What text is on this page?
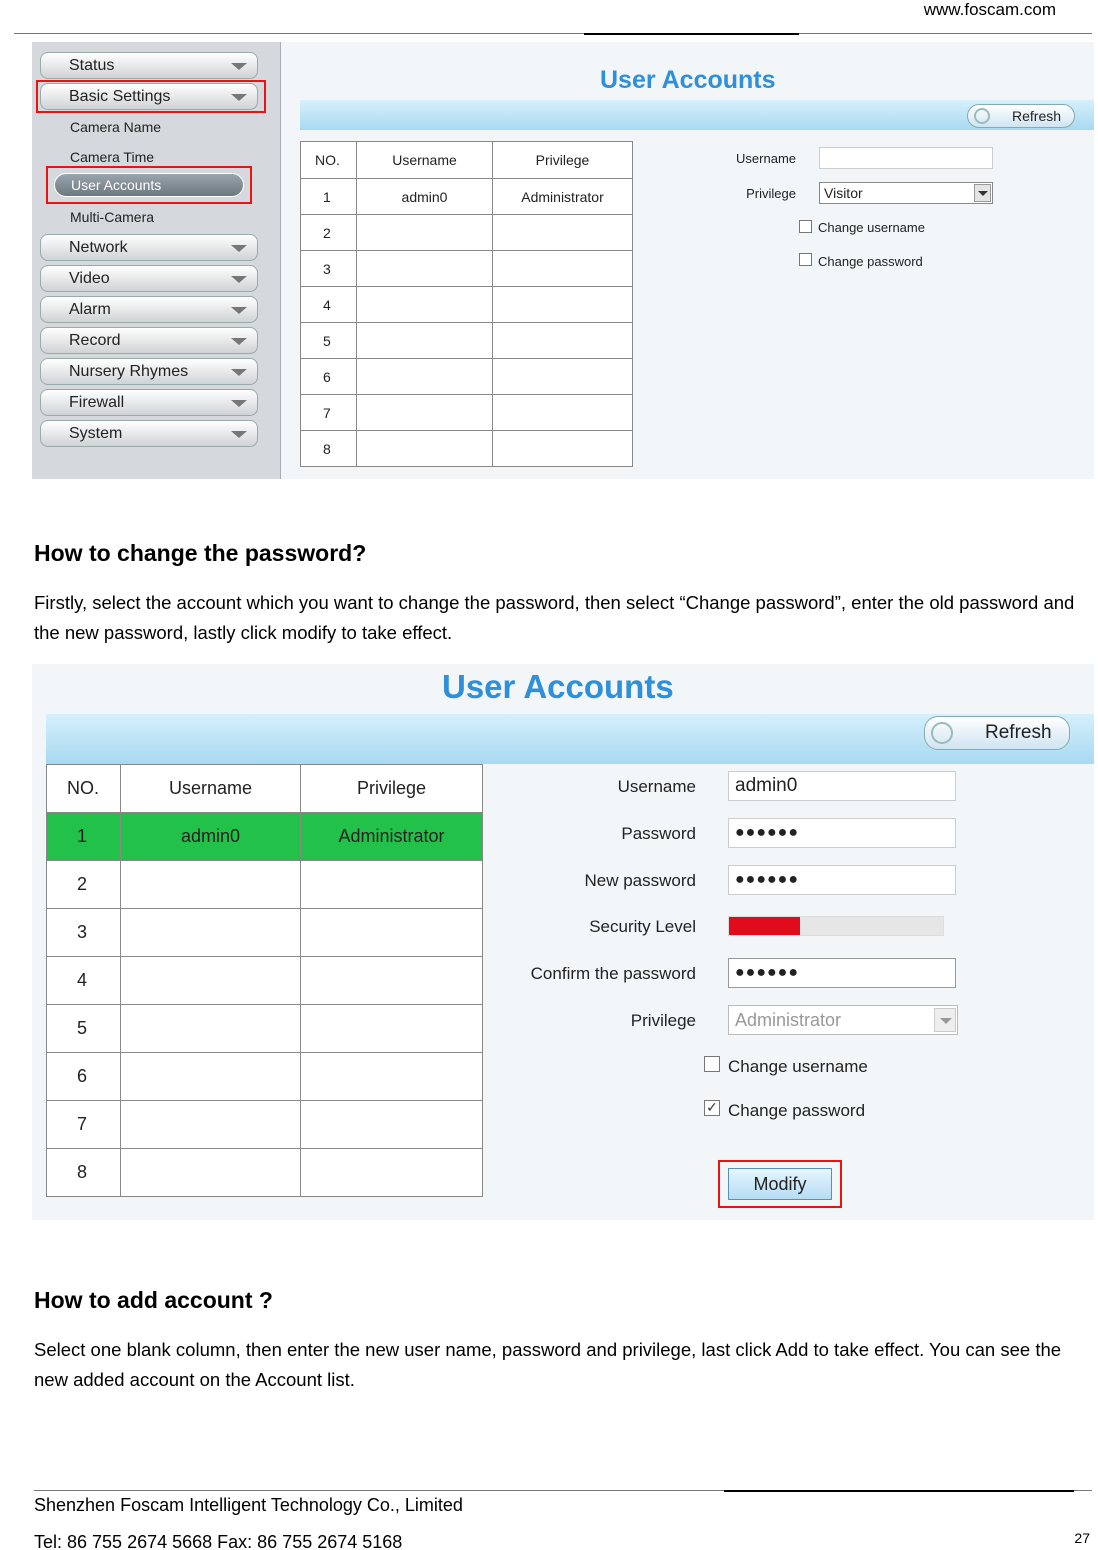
www.foscam.com
Status
Basic Settings
Camera Name
Camera Time
User Accounts
Multi-Camera
Network
Video
Alarm
Record
Nursery Rhymes
Firewall
System
User Accounts
Refresh
NO.	Username	Privilege
1	admin0	Administrator
2		
3		
4		
5		
6		
7		
8		
Username
Privilege	Visitor
Change username
Change password
How to change the password?

Firstly, select the account which you want to change the password, then select “Change password”, enter the old password and the new password, lastly click modify to take effect.

User Accounts
Refresh
NO.	Username	Privilege
1	admin0	Administrator
2		
3		
4		
5		
6		
7		
8		
Username	admin0
Password	●●●●●●
New password	●●●●●●
Security Level
Confirm the password	●●●●●●
Privilege	Administrator
Change username
✓ Change password
Modify
How to add account ?

Select one blank column, then enter the new user name, password and privilege, last click Add to take effect. You can see the new added account on the Account list.

Shenzhen Foscam Intelligent Technology Co., Limited
Tel: 86 755 2674 5668 Fax: 86 755 2674 5168	27
